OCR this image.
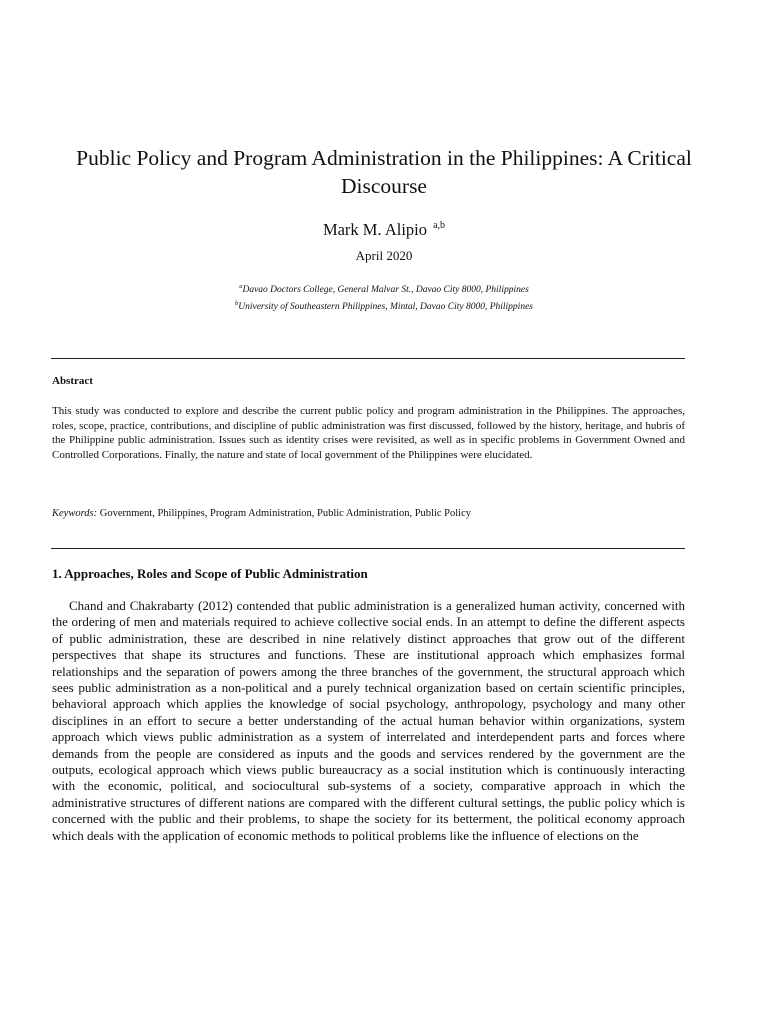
Public Policy and Program Administration in the Philippines: A Critical Discourse
Mark M. Alipio $^{a,b}$
April 2020
$^a$Davao Doctors College, General Malvar St., Davao City 8000, Philippines
$^b$University of Southeastern Philippines, Mintal, Davao City 8000, Philippines
Abstract
This study was conducted to explore and describe the current public policy and program administration in the Philippines. The approaches, roles, scope, practice, contributions, and discipline of public administration was first discussed, followed by the history, heritage, and hubris of the Philippine public administration. Issues such as identity crises were revisited, as well as in specific problems in Government Owned and Controlled Corporations. Finally, the nature and state of local government of the Philippines were elucidated.
Keywords: Government, Philippines, Program Administration, Public Administration, Public Policy
1. Approaches, Roles and Scope of Public Administration
Chand and Chakrabarty (2012) contended that public administration is a generalized human activity, concerned with the ordering of men and materials required to achieve collective social ends. In an attempt to define the different aspects of public administration, these are described in nine relatively distinct approaches that grow out of the different perspectives that shape its structures and functions. These are institutional approach which emphasizes formal relationships and the separation of powers among the three branches of the government, the structural approach which sees public administration as a non-political and a purely technical organization based on certain scientific principles, behavioral approach which applies the knowledge of social psychology, anthropology, psychology and many other disciplines in an effort to secure a better understanding of the actual human behavior within organizations, system approach which views public administration as a system of interrelated and interdependent parts and forces where demands from the people are considered as inputs and the goods and services rendered by the government are the outputs, ecological approach which views public bureaucracy as a social institution which is continuously interacting with the economic, political, and sociocultural sub-systems of a society, comparative approach in which the administrative structures of different nations are compared with the different cultural settings, the public policy which is concerned with the public and their problems, to shape the society for its betterment, the political economy approach which deals with the application of economic methods to political problems like the influence of elections on the
